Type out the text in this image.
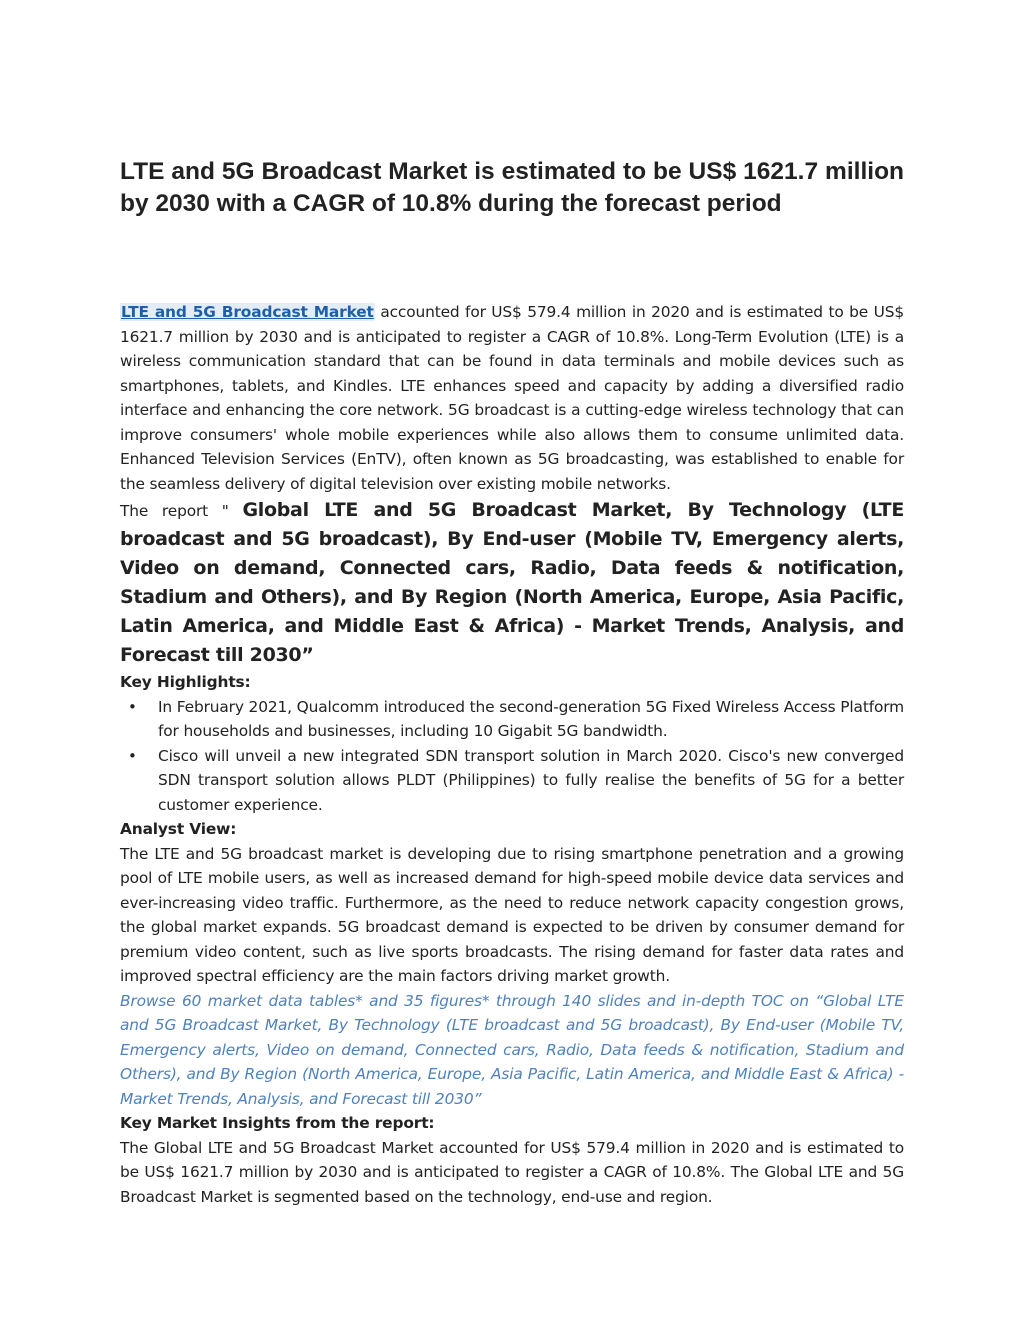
LTE and 5G Broadcast Market is estimated to be US$ 1621.7 million by 2030 with a CAGR of 10.8% during the forecast period

LTE and 5G Broadcast Market accounted for US$ 579.4 million in 2020 and is estimated to be US$ 1621.7 million by 2030 and is anticipated to register a CAGR of 10.8%. Long-Term Evolution (LTE) is a wireless communication standard that can be found in data terminals and mobile devices such as smartphones, tablets, and Kindles. LTE enhances speed and capacity by adding a diversified radio interface and enhancing the core network. 5G broadcast is a cutting-edge wireless technology that can improve consumers' whole mobile experiences while also allows them to consume unlimited data. Enhanced Television Services (EnTV), often known as 5G broadcasting, was established to enable for the seamless delivery of digital television over existing mobile networks.

The report " Global LTE and 5G Broadcast Market, By Technology (LTE broadcast and 5G broadcast), By End-user (Mobile TV, Emergency alerts, Video on demand, Connected cars, Radio, Data feeds & notification, Stadium and Others), and By Region (North America, Europe, Asia Pacific, Latin America, and Middle East & Africa) - Market Trends, Analysis, and Forecast till 2030”

Key Highlights:

• In February 2021, Qualcomm introduced the second-generation 5G Fixed Wireless Access Platform for households and businesses, including 10 Gigabit 5G bandwidth.
• Cisco will unveil a new integrated SDN transport solution in March 2020. Cisco's new converged SDN transport solution allows PLDT (Philippines) to fully realise the benefits of 5G for a better customer experience.

Analyst View:

The LTE and 5G broadcast market is developing due to rising smartphone penetration and a growing pool of LTE mobile users, as well as increased demand for high-speed mobile device data services and ever-increasing video traffic. Furthermore, as the need to reduce network capacity congestion grows, the global market expands. 5G broadcast demand is expected to be driven by consumer demand for premium video content, such as live sports broadcasts. The rising demand for faster data rates and improved spectral efficiency are the main factors driving market growth.

Browse 60 market data tables* and 35 figures* through 140 slides and in-depth TOC on “Global LTE and 5G Broadcast Market, By Technology (LTE broadcast and 5G broadcast), By End-user (Mobile TV, Emergency alerts, Video on demand, Connected cars, Radio, Data feeds & notification, Stadium and Others), and By Region (North America, Europe, Asia Pacific, Latin America, and Middle East & Africa) - Market Trends, Analysis, and Forecast till 2030”

Key Market Insights from the report:

The Global LTE and 5G Broadcast Market accounted for US$ 579.4 million in 2020 and is estimated to be US$ 1621.7 million by 2030 and is anticipated to register a CAGR of 10.8%. The Global LTE and 5G Broadcast Market is segmented based on the technology, end-use and region.
